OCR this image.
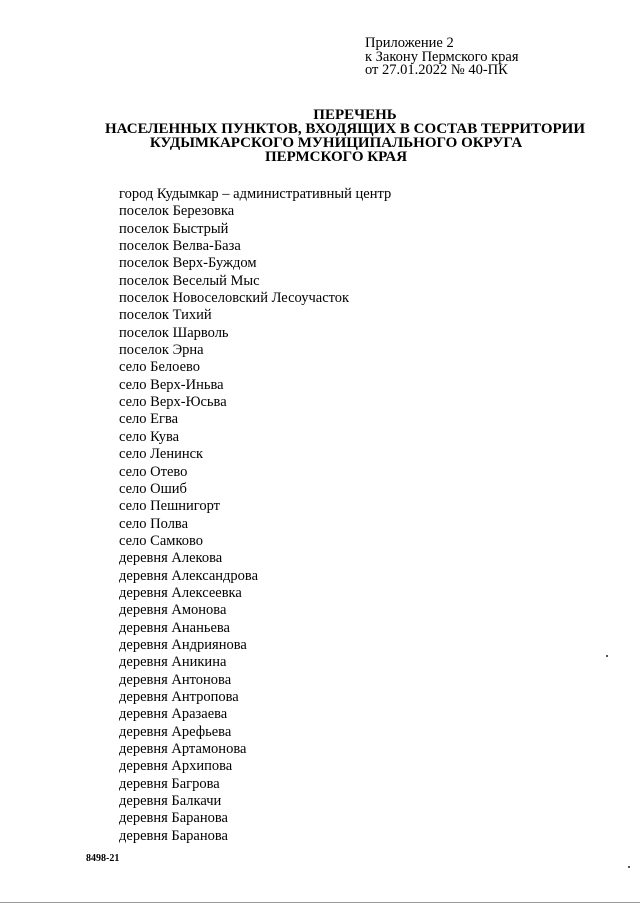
Приложение 2
к Закону Пермского края
от 27.01.2022 № 40-ПК
ПЕРЕЧЕНЬ
НАСЕЛЕННЫХ ПУНКТОВ, ВХОДЯЩИХ В СОСТАВ ТЕРРИТОРИИ
КУДЫМКАРСКОГО МУНИЦИПАЛЬНОГО ОКРУГА
ПЕРМСКОГО КРАЯ
город Кудымкар – административный центр
поселок Березовка
поселок Быстрый
поселок Велва-База
поселок Верх-Буждом
поселок Веселый Мыс
поселок Новоселовский Лесоучасток
поселок Тихий
поселок Шарволь
поселок Эрна
село Белоево
село Верх-Иньва
село Верх-Юсьва
село Егва
село Кува
село Ленинск
село Отево
село Ошиб
село Пешнигорт
село Полва
село Самково
деревня Алекова
деревня Александрова
деревня Алексеевка
деревня Амонова
деревня Ананьева
деревня Андриянова
деревня Аникина
деревня Антонова
деревня Антропова
деревня Аразаева
деревня Арефьева
деревня Артамонова
деревня Архипова
деревня Багрова
деревня Балкачи
деревня Баранова
деревня Баранова
8498-21
